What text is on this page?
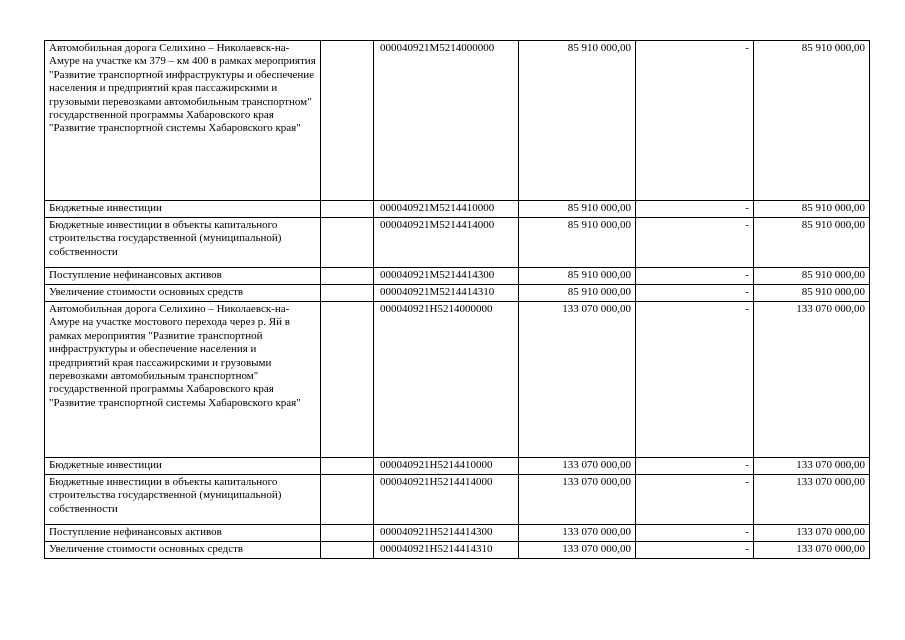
Автомобильная дорога Селихино – Николаевск-на-Амуре на участке км 379 – км 400 в рамках мероприятия "Развитие транспортной инфраструктуры и обеспечение населения и предприятий края пассажирскими и грузовыми перевозками автомобильным транспортном" государственной программы Хабаровского края "Развитие транспортной системы Хабаровского края"		000040921М5214000000	85 910 000,00	-	85 910 000,00
Бюджетные инвестиции		000040921М5214410000	85 910 000,00	-	85 910 000,00
Бюджетные инвестиции в объекты капитального строительства государственной (муниципальной) собственности		000040921М5214414000	85 910 000,00	-	85 910 000,00
Поступление нефинансовых активов		000040921М5214414300	85 910 000,00	-	85 910 000,00
Увеличение стоимости основных средств		000040921М5214414310	85 910 000,00	-	85 910 000,00
Автомобильная дорога Селихино – Николаевск-на-Амуре на участке мостового перехода через р. Яй в рамках мероприятия "Развитие транспортной инфраструктуры и обеспечение населения и предприятий края пассажирскими и грузовыми перевозками автомобильным транспортном" государственной программы Хабаровского края "Развитие транспортной системы Хабаровского края"		000040921Н5214000000	133 070 000,00	-	133 070 000,00
Бюджетные инвестиции		000040921Н5214410000	133 070 000,00	-	133 070 000,00
Бюджетные инвестиции в объекты капитального строительства государственной (муниципальной) собственности		000040921Н5214414000	133 070 000,00	-	133 070 000,00
Поступление нефинансовых активов		000040921Н5214414300	133 070 000,00	-	133 070 000,00
Увеличение стоимости основных средств		000040921Н5214414310	133 070 000,00	-	133 070 000,00
